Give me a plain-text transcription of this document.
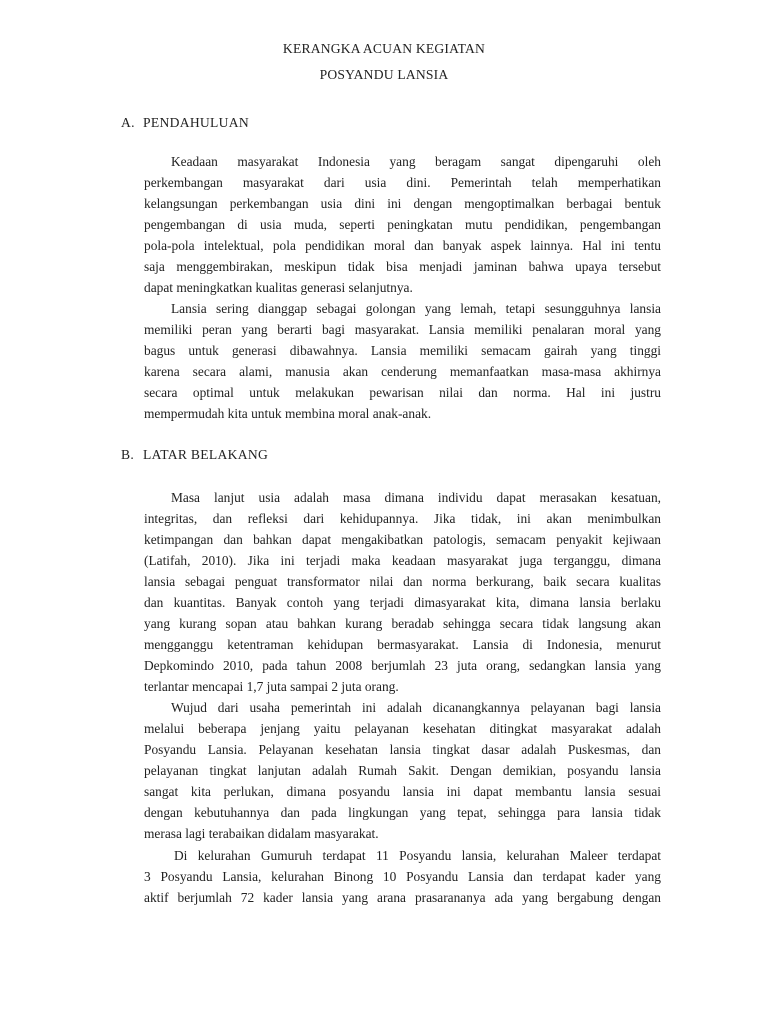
KERANGKA ACUAN KEGIATAN
POSYANDU LANSIA
A. PENDAHULUAN
Keadaan masyarakat Indonesia yang beragam sangat dipengaruhi oleh
perkembangan masyarakat dari usia dini. Pemerintah telah memperhatikan
kelangsungan perkembangan usia dini ini dengan mengoptimalkan berbagai bentuk
pengembangan di usia muda, seperti peningkatan mutu pendidikan, pengembangan
pola-pola intelektual, pola pendidikan moral dan banyak aspek lainnya. Hal ini tentu
saja menggembirakan, meskipun tidak bisa menjadi jaminan bahwa upaya tersebut
dapat meningkatkan kualitas generasi selanjutnya.
Lansia sering dianggap sebagai golongan yang lemah, tetapi sesungguhnya lansia
memiliki peran yang berarti bagi masyarakat. Lansia memiliki penalaran moral yang
bagus untuk generasi dibawahnya. Lansia memiliki semacam gairah yang tinggi
karena secara alami, manusia akan cenderung memanfaatkan masa-masa akhirnya
secara optimal untuk melakukan pewarisan nilai dan norma. Hal ini justru
mempermudah kita untuk membina moral anak-anak.
B. LATAR BELAKANG
Masa lanjut usia adalah masa dimana individu dapat merasakan kesatuan,
integritas, dan refleksi dari kehidupannya. Jika tidak, ini akan menimbulkan
ketimpangan dan bahkan dapat mengakibatkan patologis, semacam penyakit kejiwaan
(Latifah, 2010). Jika ini terjadi maka keadaan masyarakat juga terganggu, dimana
lansia sebagai penguat transformator nilai dan norma berkurang, baik secara kualitas
dan kuantitas. Banyak contoh yang terjadi dimasyarakat kita, dimana lansia berlaku
yang kurang sopan atau bahkan kurang beradab sehingga secara tidak langsung akan
mengganggu ketentraman kehidupan bermasyarakat. Lansia di Indonesia, menurut
Depkomindo 2010, pada tahun 2008 berjumlah 23 juta orang, sedangkan lansia yang
terlantar mencapai 1,7 juta sampai 2 juta orang.
Wujud dari usaha pemerintah ini adalah dicanangkannya pelayanan bagi lansia
melalui beberapa jenjang yaitu pelayanan kesehatan ditingkat masyarakat adalah
Posyandu Lansia. Pelayanan kesehatan lansia tingkat dasar adalah Puskesmas, dan
pelayanan tingkat lanjutan adalah Rumah Sakit. Dengan demikian, posyandu lansia
sangat kita perlukan, dimana posyandu lansia ini dapat membantu lansia sesuai
dengan kebutuhannya dan pada lingkungan yang tepat, sehingga para lansia tidak
merasa lagi terabaikan didalam masyarakat.
Di kelurahan Gumuruh terdapat 11 Posyandu lansia, kelurahan Maleer terdapat
3 Posyandu Lansia, kelurahan Binong 10 Posyandu Lansia dan terdapat kader yang
aktif berjumlah 72 kader lansia yang arana prasarananya ada yang bergabung dengan
